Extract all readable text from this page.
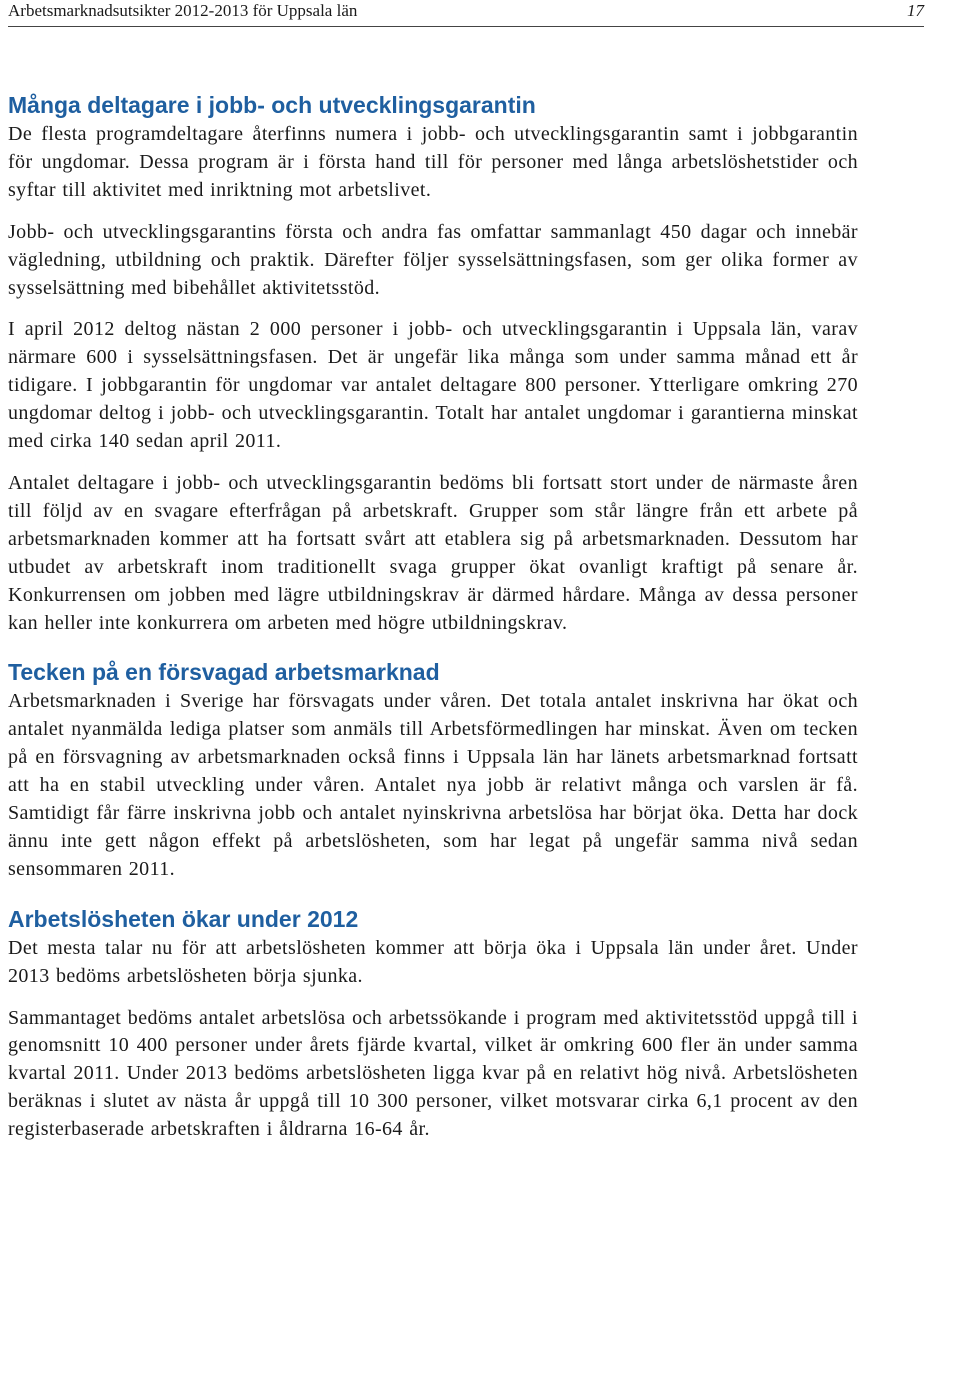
Arbetsmarknadsutsikter 2012-2013 för Uppsala län	17
Många deltagare i jobb- och utvecklingsgarantin

De flesta programdeltagare återfinns numera i jobb- och utvecklingsgarantin samt i jobbgarantin för ungdomar. Dessa program är i första hand till för personer med långa arbetslöshetstider och syftar till aktivitet med inriktning mot arbetslivet.

Jobb- och utvecklingsgarantins första och andra fas omfattar sammanlagt 450 dagar och innebär vägledning, utbildning och praktik. Därefter följer sysselsättningsfasen, som ger olika former av sysselsättning med bibehållet aktivitetsstöd.

I april 2012 deltog nästan 2 000 personer i jobb- och utvecklingsgarantin i Uppsala län, varav närmare 600 i sysselsättningsfasen. Det är ungefär lika många som under samma månad ett år tidigare. I jobbgarantin för ungdomar var antalet deltagare 800 personer. Ytterligare omkring 270 ungdomar deltog i jobb- och utvecklingsgarantin. Totalt har antalet ungdomar i garantierna minskat med cirka 140 sedan april 2011.

Antalet deltagare i jobb- och utvecklingsgarantin bedöms bli fortsatt stort under de närmaste åren till följd av en svagare efterfrågan på arbetskraft. Grupper som står längre från ett arbete på arbetsmarknaden kommer att ha fortsatt svårt att etablera sig på arbetsmarknaden. Dessutom har utbudet av arbetskraft inom traditionellt svaga grupper ökat ovanligt kraftigt på senare år. Konkurrensen om jobben med lägre utbildningskrav är därmed hårdare. Många av dessa personer kan heller inte konkurrera om arbeten med högre utbildningskrav.

Tecken på en försvagad arbetsmarknad

Arbetsmarknaden i Sverige har försvagats under våren. Det totala antalet inskrivna har ökat och antalet nyanmälda lediga platser som anmäls till Arbetsförmedlingen har minskat. Även om tecken på en försvagning av arbetsmarknaden också finns i Uppsala län har länets arbetsmarknad fortsatt att ha en stabil utveckling under våren. Antalet nya jobb är relativt många och varslen är få. Samtidigt får färre inskrivna jobb och antalet nyinskrivna arbetslösa har börjat öka. Detta har dock ännu inte gett någon effekt på arbetslösheten, som har legat på ungefär samma nivå sedan sensommaren 2011.

Arbetslösheten ökar under 2012

Det mesta talar nu för att arbetslösheten kommer att börja öka i Uppsala län under året. Under 2013 bedöms arbetslösheten börja sjunka.

Sammantaget bedöms antalet arbetslösa och arbetssökande i program med aktivitetsstöd uppgå till i genomsnitt 10 400 personer under årets fjärde kvartal, vilket är omkring 600 fler än under samma kvartal 2011. Under 2013 bedöms arbetslösheten ligga kvar på en relativt hög nivå. Arbetslösheten beräknas i slutet av nästa år uppgå till 10 300 personer, vilket motsvarar cirka 6,1 procent av den registerbaserade arbetskraften i åldrarna 16-64 år.
